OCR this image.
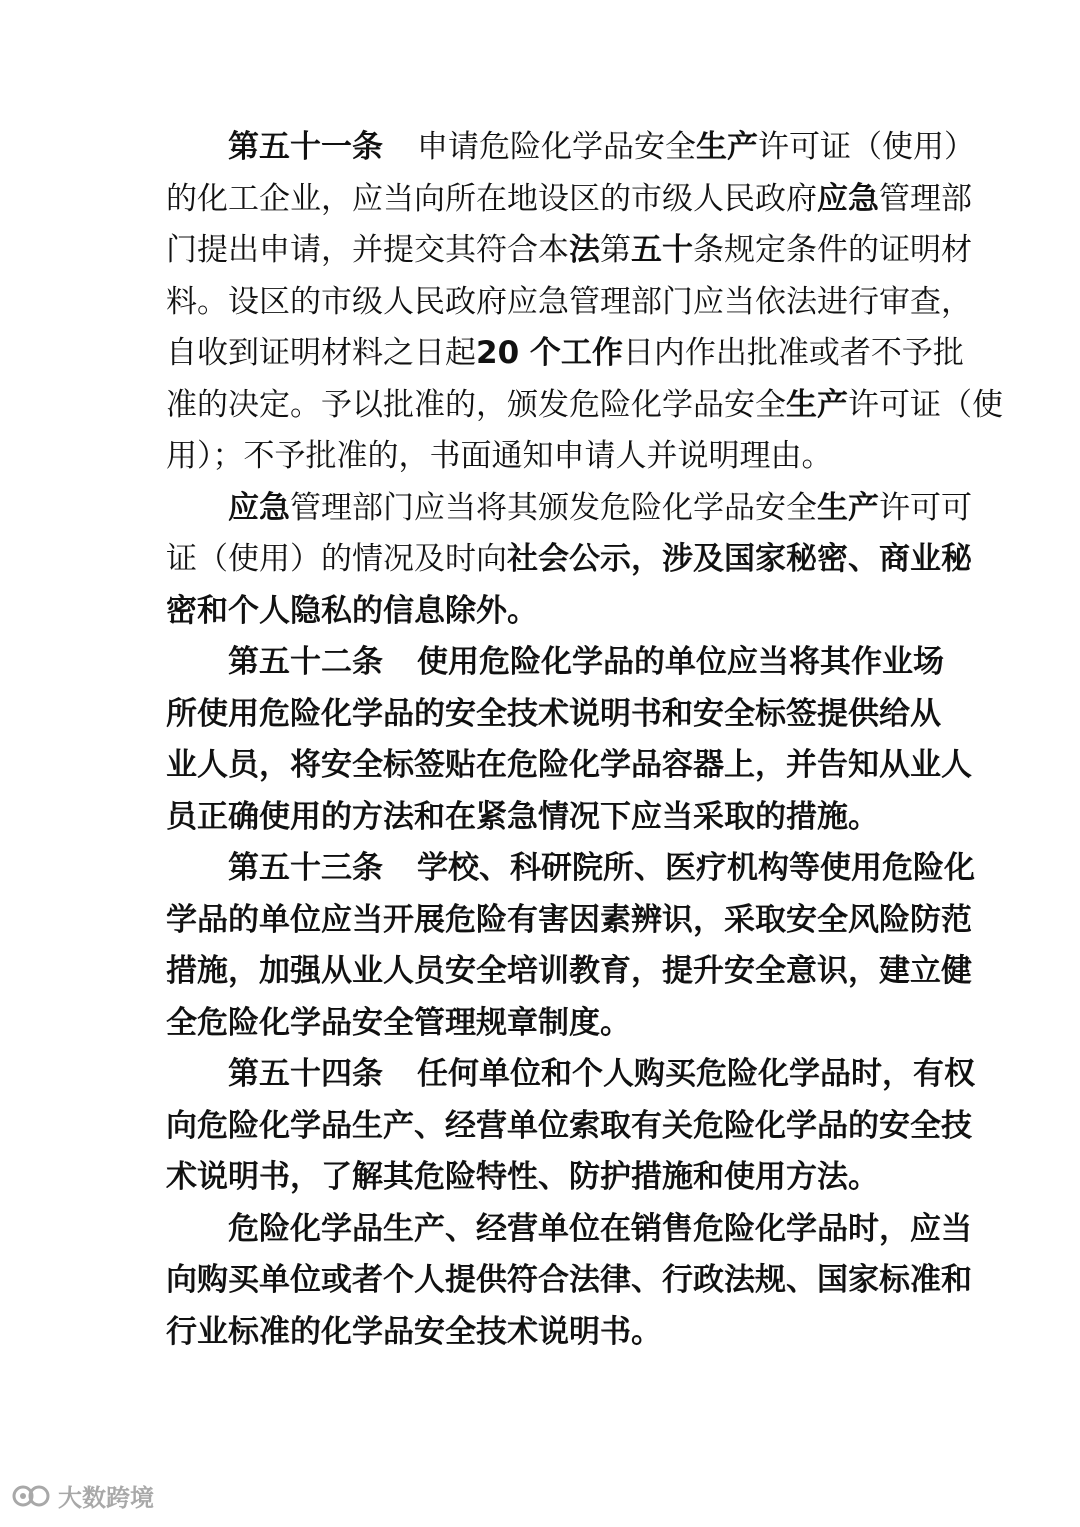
第五十一条 申请危险化学品安全生产许可证（使用）
的化工企业，应当向所在地设区的市级人民政府应急管理部
门提出申请，并提交其符合本法第五十条规定条件的证明材
料。设区的市级人民政府应急管理部门应当依法进行审查，
自收到证明材料之日起20 个工作日内作出批准或者不予批
准的决定。予以批准的，颁发危险化学品安全生产许可证（使
用）；不予批准的，书面通知申请人并说明理由。
应急管理部门应当将其颁发危险化学品安全生产许可可
证（使用）的情况及时向社会公示，涉及国家秘密、商业秘
密和个人隐私的信息除外。
第五十二条 使用危险化学品的单位应当将其作业场
所使用危险化学品的安全技术说明书和安全标签提供给从
业人员，将安全标签贴在危险化学品容器上，并告知从业人
员正确使用的方法和在紧急情况下应当采取的措施。
第五十三条 学校、科研院所、医疗机构等使用危险化
学品的单位应当开展危险有害因素辨识，采取安全风险防范
措施，加强从业人员安全培训教育，提升安全意识，建立健
全危险化学品安全管理规章制度。
第五十四条 任何单位和个人购买危险化学品时，有权
向危险化学品生产、经营单位索取有关危险化学品的安全技
术说明书，了解其危险特性、防护措施和使用方法。
危险化学品生产、经营单位在销售危险化学品时，应当
向购买单位或者个人提供符合法律、行政法规、国家标准和
行业标准的化学品安全技术说明书。
大数跨境
